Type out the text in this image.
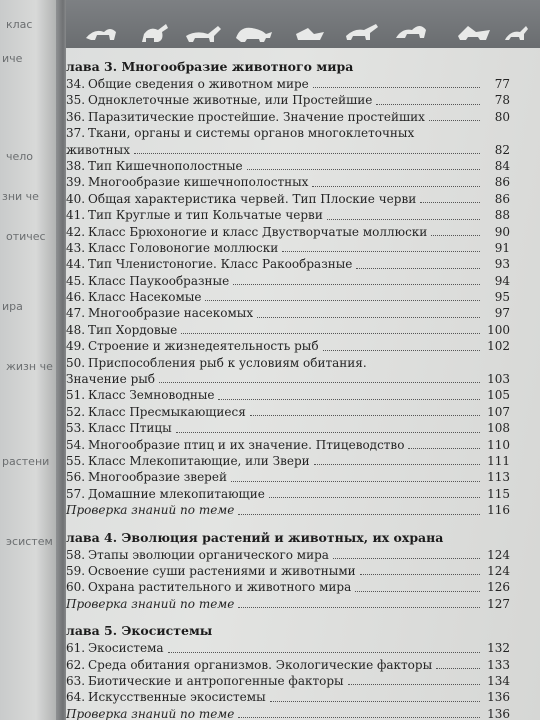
клас
иче
чело
зни че
отичес
ира
жизн че
растени
эсистем
лава 3. Многообразие животного мира
34. Общие сведения о животном мире	77
35. Одноклеточные животные, или Простейшие	78
36. Паразитические простейшие. Значение простейших	80
37. Ткани, органы и системы органов многоклеточных
животных	82
38. Тип Кишечнополостные	84
39. Многообразие кишечнополостных	86
40. Общая характеристика червей. Тип Плоские черви	86
41. Тип Круглые и тип Кольчатые черви	88
42. Класс Брюхоногие и класс Двустворчатые моллюски	90
43. Класс Головоногие моллюски	91
44. Тип Членистоногие. Класс Ракообразные	93
45. Класс Паукообразные	94
46. Класс Насекомые	95
47. Многообразие насекомых	97
48. Тип Хордовые	100
49. Строение и жизнедеятельность рыб	102
50. Приспособления рыб к условиям обитания.
Значение рыб	103
51. Класс Земноводные	105
52. Класс Пресмыкающиеся	107
53. Класс Птицы	108
54. Многообразие птиц и их значение. Птицеводство	110
55. Класс Млекопитающие, или Звери	111
56. Многообразие зверей	113
57. Домашние млекопитающие	115
Проверка знаний по теме	116
лава 4. Эволюция растений и животных, их охрана
58. Этапы эволюции органического мира	124
59. Освоение суши растениями и животными	124
60. Охрана растительного и животного мира	126
Проверка знаний по теме	127
лава 5. Экосистемы
61. Экосистема	132
62. Среда обитания организмов. Экологические факторы	133
63. Биотические и антропогенные факторы	134
64. Искусственные экосистемы	136
Проверка знаний по теме	136
